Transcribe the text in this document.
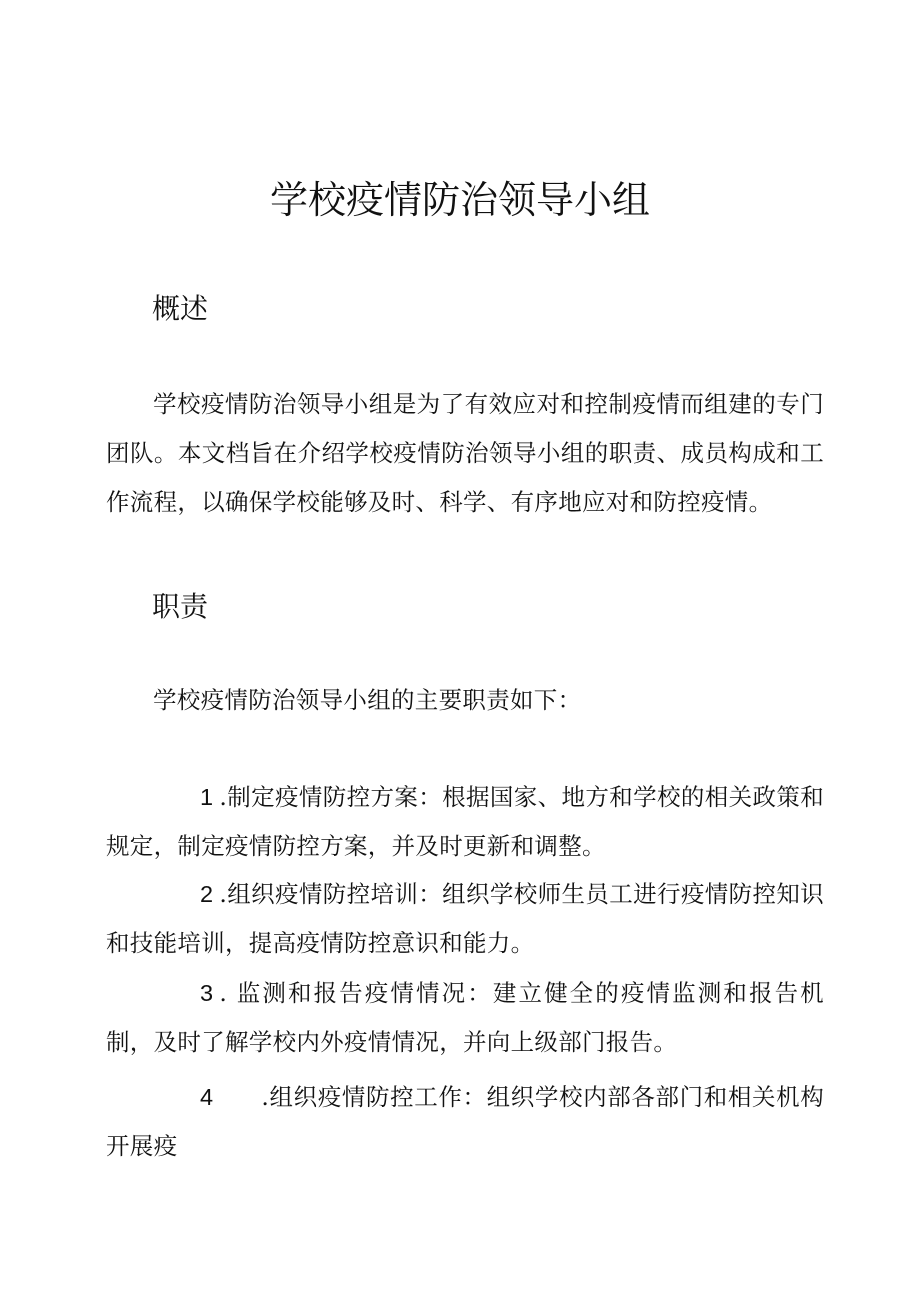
学校疫情防治领导小组
概述

学校疫情防治领导小组是为了有效应对和控制疫情而组建的专门团队。本文档旨在介绍学校疫情防治领导小组的职责、成员构成和工作流程，以确保学校能够及时、科学、有序地应对和防控疫情。

职责

学校疫情防治领导小组的主要职责如下：

1 .制定疫情防控方案：根据国家、地方和学校的相关政策和规定，制定疫情防控方案，并及时更新和调整。

2 .组织疫情防控培训：组织学校师生员工进行疫情防控知识和技能培训，提高疫情防控意识和能力。

3 . 监测和报告疫情情况：建立健全的疫情监测和报告机制，及时了解学校内外疫情情况，并向上级部门报告。

4 .组织疫情防控工作：组织学校内部各部门和相关机构开展疫
